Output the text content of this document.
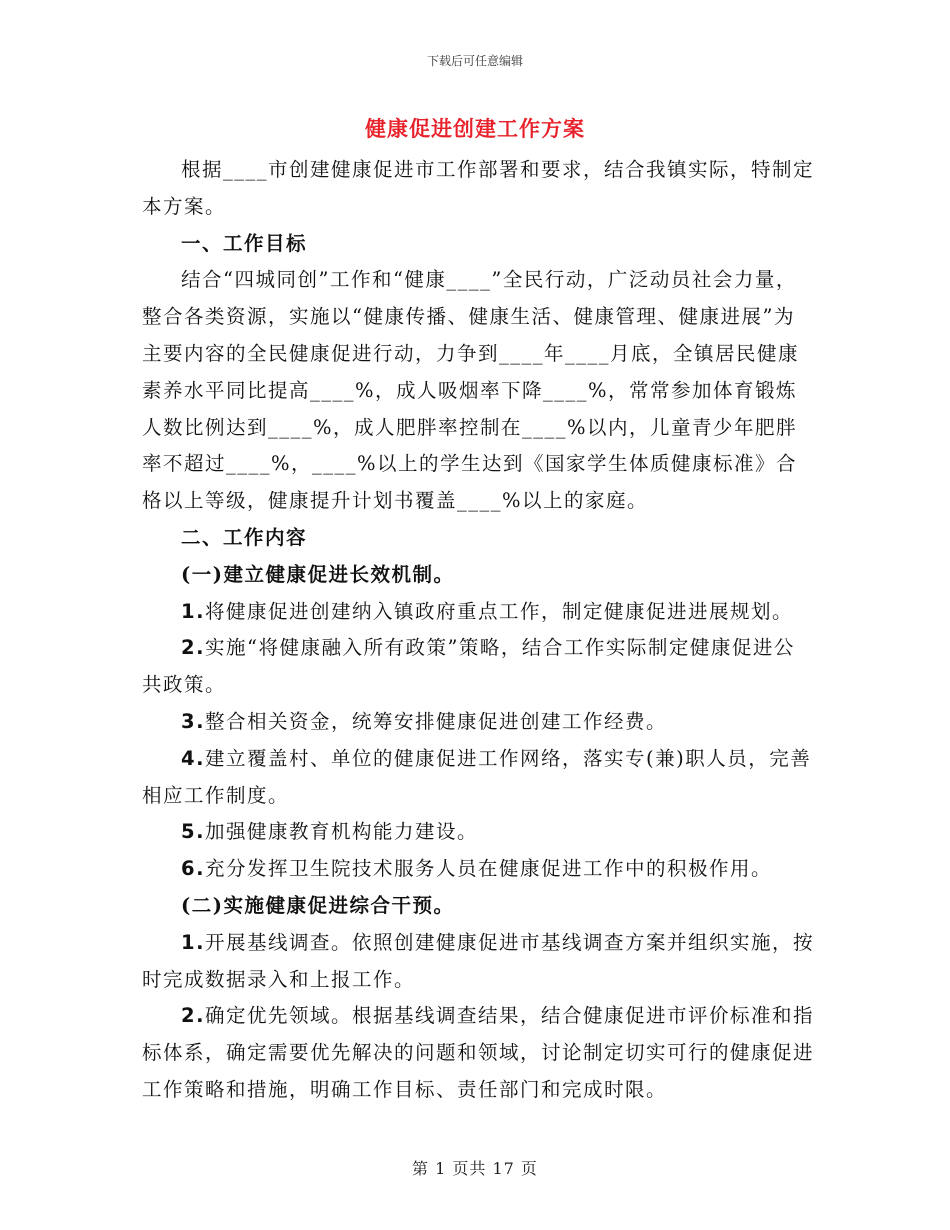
下载后可任意编辑
健康促进创建工作方案

根据____市创建健康促进市工作部署和要求，结合我镇实际，特制定本方案。

一、工作目标

结合“四城同创”工作和“健康____”全民行动，广泛动员社会力量，整合各类资源，实施以“健康传播、健康生活、健康管理、健康进展”为主要内容的全民健康促进行动，力争到____年____月底，全镇居民健康素养水平同比提高____%，成人吸烟率下降____%，常常参加体育锻炼人数比例达到____%，成人肥胖率控制在____%以内，儿童青少年肥胖率不超过____%，____%以上的学生达到《国家学生体质健康标准》合格以上等级，健康提升计划书覆盖____%以上的家庭。

二、工作内容

(一)建立健康促进长效机制。

1.将健康促进创建纳入镇政府重点工作，制定健康促进进展规划。

2.实施“将健康融入所有政策”策略，结合工作实际制定健康促进公共政策。

3.整合相关资金，统筹安排健康促进创建工作经费。

4.建立覆盖村、单位的健康促进工作网络，落实专(兼)职人员，完善相应工作制度。

5.加强健康教育机构能力建设。

6.充分发挥卫生院技术服务人员在健康促进工作中的积极作用。

(二)实施健康促进综合干预。

1.开展基线调查。依照创建健康促进市基线调查方案并组织实施，按时完成数据录入和上报工作。

2.确定优先领域。根据基线调查结果，结合健康促进市评价标准和指标体系，确定需要优先解决的问题和领域，讨论制定切实可行的健康促进工作策略和措施，明确工作目标、责任部门和完成时限。

第 1 页共 17 页
